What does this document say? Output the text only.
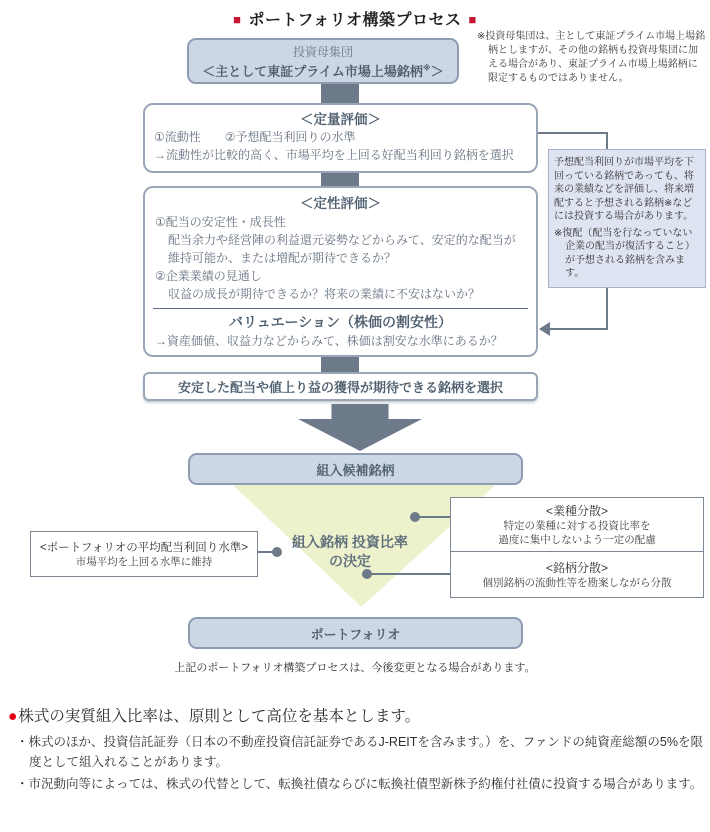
■ ポートフォリオ構築プロセス ■
投資母集団
＜主として東証プライム市場上場銘柄※＞
※投資母集団は、主として東証プライム市場上場銘柄としますが、その他の銘柄も投資母集団に加える場合があり、東証プライム市場上場銘柄に限定するものではありません。
＜定量評価＞
①流動性　　②予想配当利回りの水準
→流動性が比較的高く、市場平均を上回る好配当利回り銘柄を選択
予想配当利回りが市場平均を下回っている銘柄であっても、将来の業績などを評価し、将来増配すると予想される銘柄※などには投資する場合があります。
※復配（配当を行なっていない企業の配当が復活すること）が予想される銘柄を含みます。
＜定性評価＞
①配当の安定性・成長性
配当余力や経営陣の利益還元姿勢などからみて、安定的な配当が維持可能か、または増配が期待できるか？
②企業業績の見通し
収益の成長が期待できるか？将来の業績に不安はないか？
バリュエーション（株価の割安性）
→資産価値、収益力などからみて、株価は割安な水準にあるか？
安定した配当や値上り益の獲得が期待できる銘柄を選択
組入候補銘柄
組入銘柄 投資比率
の決定
<ポートフォリオの平均配当利回り水準>
市場平均を上回る水準に維持
<業種分散>
特定の業種に対する投資比率を
過度に集中しないよう一定の配慮
<銘柄分散>
個別銘柄の流動性等を勘案しながら分散
ポートフォリオ
上記のポートフォリオ構築プロセスは、今後変更となる場合があります。
●株式の実質組入比率は、原則として高位を基本とします。
・株式のほか、投資信託証券（日本の不動産投資信託証券であるJ-REITを含みます。）を、ファンドの純資産総額の5%を限度として組入れることがあります。
・市況動向等によっては、株式の代替として、転換社債ならびに転換社債型新株予約権付社債に投資する場合があります。
